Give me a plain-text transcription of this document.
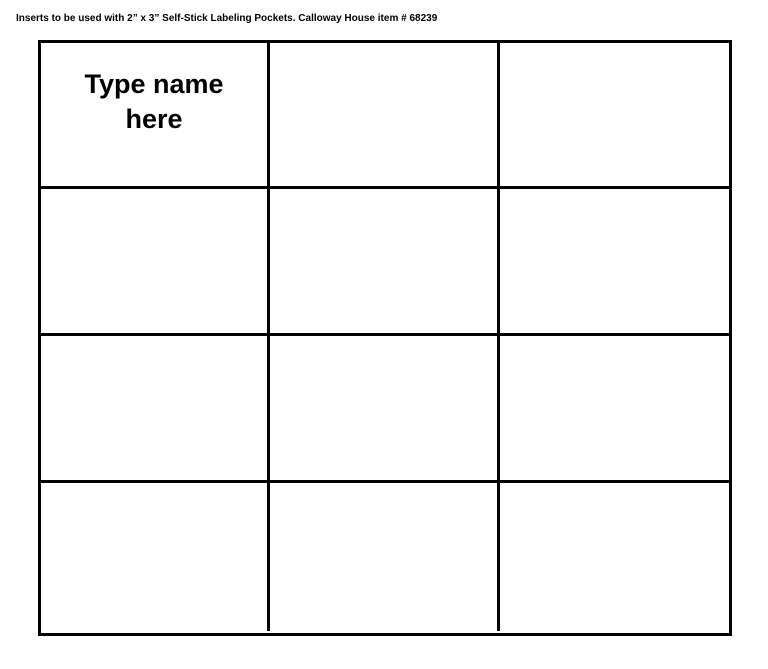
Inserts to be used with 2” x 3” Self-Stick Labeling Pockets. Calloway House item # 68239
Type name here
